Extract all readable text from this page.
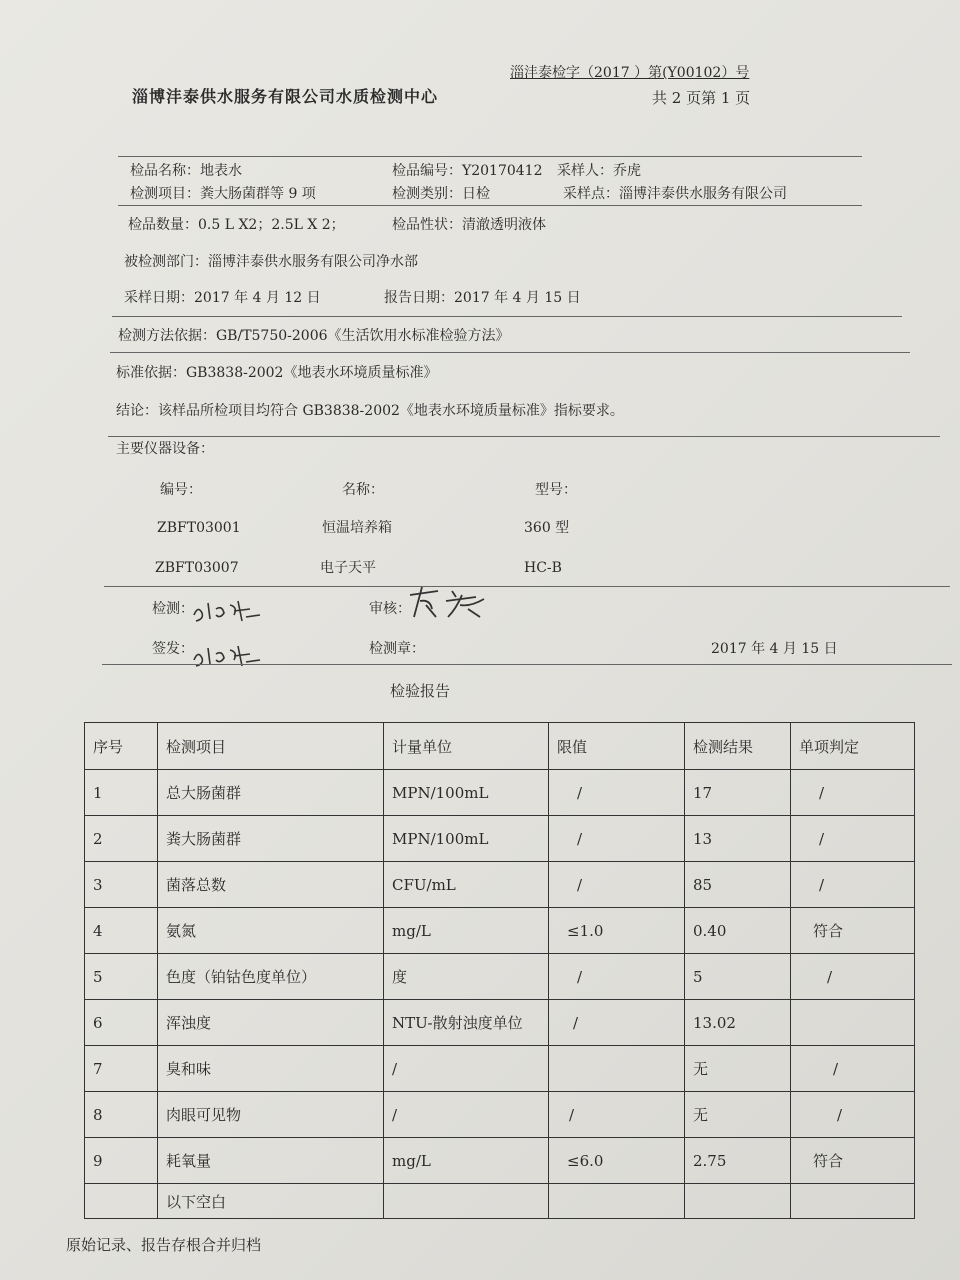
淄沣泰检字（2017 ）第(Y00102）号
淄博沣泰供水服务有限公司水质检测中心	共 2 页第 1 页
检品名称：地表水	检品编号：Y20170412 采样人：乔虎
检测项目：粪大肠菌群等 9 项	检测类别：日检	采样点：淄博沣泰供水服务有限公司
检品数量：0.5 L X2；2.5L X 2；	检品性状：清澈透明液体
被检测部门：淄博沣泰供水服务有限公司净水部
采样日期：2017 年 4 月 12 日	报告日期：2017 年 4 月 15 日
检测方法依据：GB/T5750-2006《生活饮用水标准检验方法》
标准依据：GB3838-2002《地表水环境质量标准》
结论：该样品所检项目均符合 GB3838-2002《地表水环境质量标准》指标要求。
主要仪器设备：
编号：	名称：	型号：
ZBFT03001	恒温培养箱	360 型
ZBFT03007	电子天平	HC-B
检测：	审核：
签发：	检测章：	2017 年 4 月 15 日
检验报告
序号	检测项目	计量单位	限值	检测结果	单项判定
1	总大肠菌群	MPN/100mL	/	17	/
2	粪大肠菌群	MPN/100mL	/	13	/
3	菌落总数	CFU/mL	/	85	/
4	氨氮	mg/L	≤1.0	0.40	符合
5	色度（铂钴色度单位）	度	/	5	/
6	浑浊度	NTU-散射浊度单位	/	13.02	
7	臭和味	/		无	/
8	肉眼可见物	/	/	无	/
9	耗氧量	mg/L	≤6.0	2.75	符合
	以下空白				
原始记录、报告存根合并归档
